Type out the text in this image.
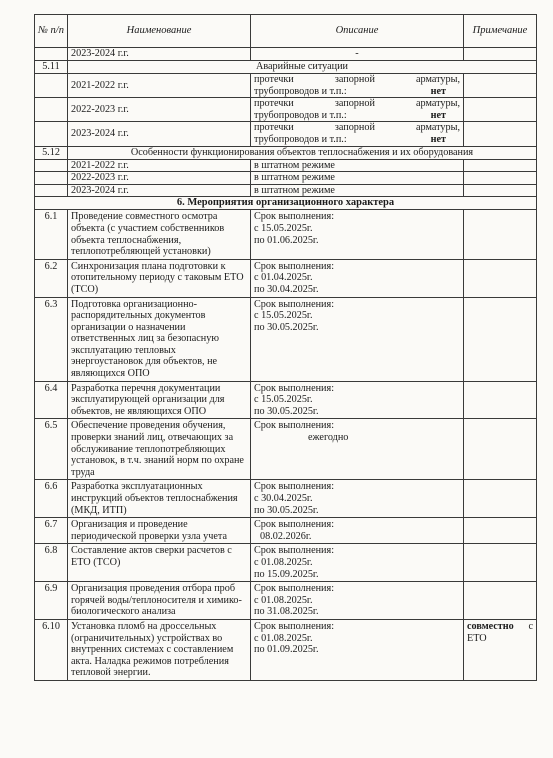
№ п/п	Наименование	Описание	Примечание
	2023-2024 г.г.	-	
5.11	Аварийные ситуации		
	2021-2022 г.г.	протечки запорной арматуры,
трубопроводов и т.п.: нет	

	2022-2023 г.г.	протечки запорной арматуры,
трубопроводов и т.п.: нет	

	2023-2024 г.г.	протечки запорной арматуры,
трубопроводов и т.п.: нет	

5.12	Особенности функционирования объектов теплоснабжения и их оборудования		
	2021-2022 г.г.	в штатном режиме	
	2022-2023 г.г.	в штатном режиме	
	2023-2024 г.г.	в штатном режиме	
6. Мероприятия организационного характера			
6.1	Проведение совместного осмотра объекта (с участием собственников объекта теплоснабжения, теплопотребляющей установки)	Срок выполнения:
с 15.05.2025г.
по 01.06.2025г.	

6.2	Синхронизация плана подготовки к отопительному периоду с таковым ЕТО (ТСО)	Срок выполнения:
с 01.04.2025г.
по 30.04.2025г.	

6.3	Подготовка организационно-распорядительных документов организации о назначении ответственных лиц за безопасную эксплуатацию тепловых энергоустановок для объектов, не являющихся ОПО	Срок выполнения:
с 15.05.2025г.
по 30.05.2025г.	

6.4	Разработка перечня документации эксплуатирующей организации для объектов, не являющихся ОПО	Срок выполнения:
с 15.05.2025г.
по 30.05.2025г.	

6.5	Обеспечение проведения обучения, проверки знаний лиц, отвечающих за обслуживание теплопотребляющих установок, в т.ч. знаний норм по охране труда	Срок выполнения:
ежегодно	

6.6	Разработка эксплуатационных инструкций объектов теплоснабжения (МКД, ИТП)	Срок выполнения:
с 30.04.2025г.
по 30.05.2025г.	

6.7	Организация и проведение периодической проверки узла учета	Срок выполнения:
08.02.2026г.	

6.8	Составление актов сверки расчетов с ЕТО (ТСО)	Срок выполнения:
с 01.08.2025г.
по 15.09.2025г.	

6.9	Организация проведения отбора проб горячей воды/теплоносителя и химико-биологического анализа	Срок выполнения:
с 01.08.2025г.
по 31.08.2025г.	

6.10	Установка пломб на дроссельных (ограничительных) устройствах во внутренних системах с составлением акта. Наладка режимов потребления тепловой энергии.	Срок выполнения:
с 01.08.2025г.
по 01.09.2025г.	совместно с
ЕТО
